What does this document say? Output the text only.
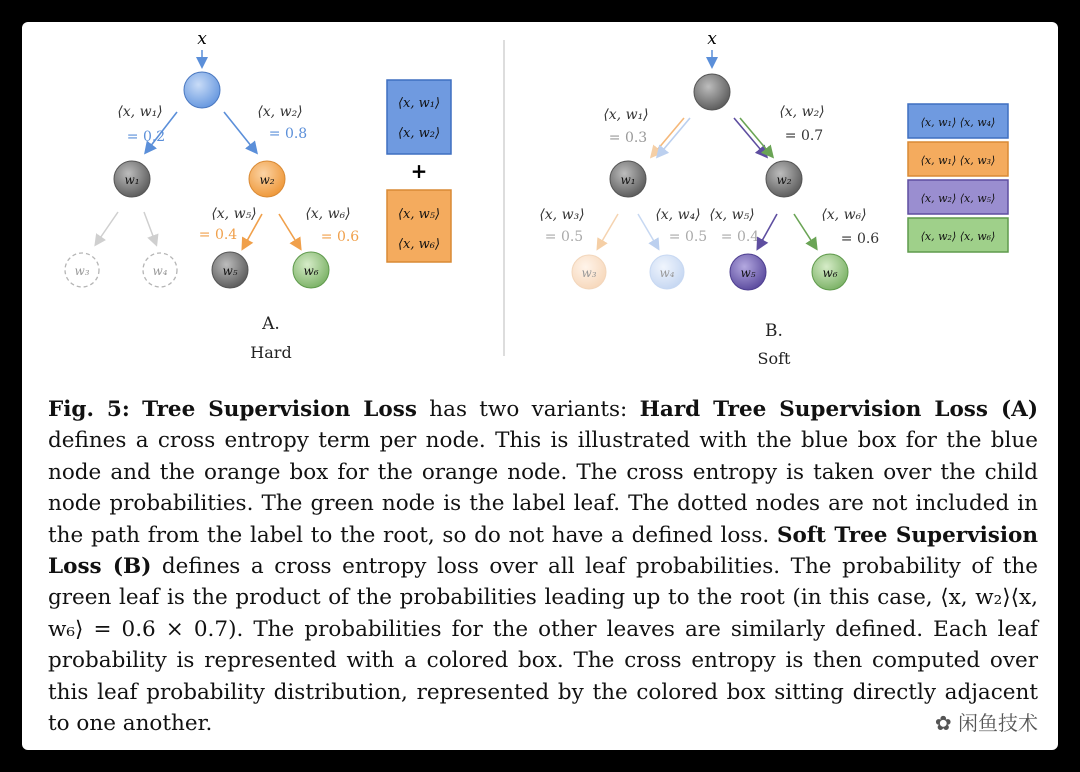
x
⟨x, w₁⟩
= 0.2
⟨x, w₂⟩
= 0.8
w₁	w₂
⟨x, w₅⟩
= 0.4
⟨x, w₆⟩
= 0.6
w₃	w₄	w₅	w₆
⟨x, w₁⟩
⟨x, w₂⟩
+
⟨x, w₅⟩
⟨x, w₆⟩
A.
Hard
x
⟨x, w₁⟩
= 0.3
⟨x, w₂⟩
= 0.7
w₁	w₂
⟨x, w₃⟩
= 0.5
⟨x, w₄⟩
= 0.5
⟨x, w₅⟩
= 0.4
⟨x, w₆⟩
= 0.6
w₃	w₄	w₅	w₆
⟨x, w₁⟩ ⟨x, w₄⟩
⟨x, w₁⟩ ⟨x, w₃⟩
⟨x, w₂⟩ ⟨x, w₅⟩
⟨x, w₂⟩ ⟨x, w₆⟩
B.
Soft
Fig. 5: Tree Supervision Loss has two variants: Hard Tree Supervision Loss (A) defines a cross entropy term per node. This is illustrated with the blue box for the blue node and the orange box for the orange node. The cross entropy is taken over the child node probabilities. The green node is the label leaf. The dotted nodes are not included in the path from the label to the root, so do not have a defined loss. Soft Tree Supervision Loss (B) defines a cross entropy loss over all leaf probabilities. The probability of the green leaf is the product of the probabilities leading up to the root (in this case, ⟨x, w₂⟩⟨x, w₆⟩ = 0.6 × 0.7). The probabilities for the other leaves are similarly defined. Each leaf probability is represented with a colored box. The cross entropy is then computed over this leaf probability distribution, represented by the colored box sitting directly adjacent to one another.	✿ 闲鱼技术
